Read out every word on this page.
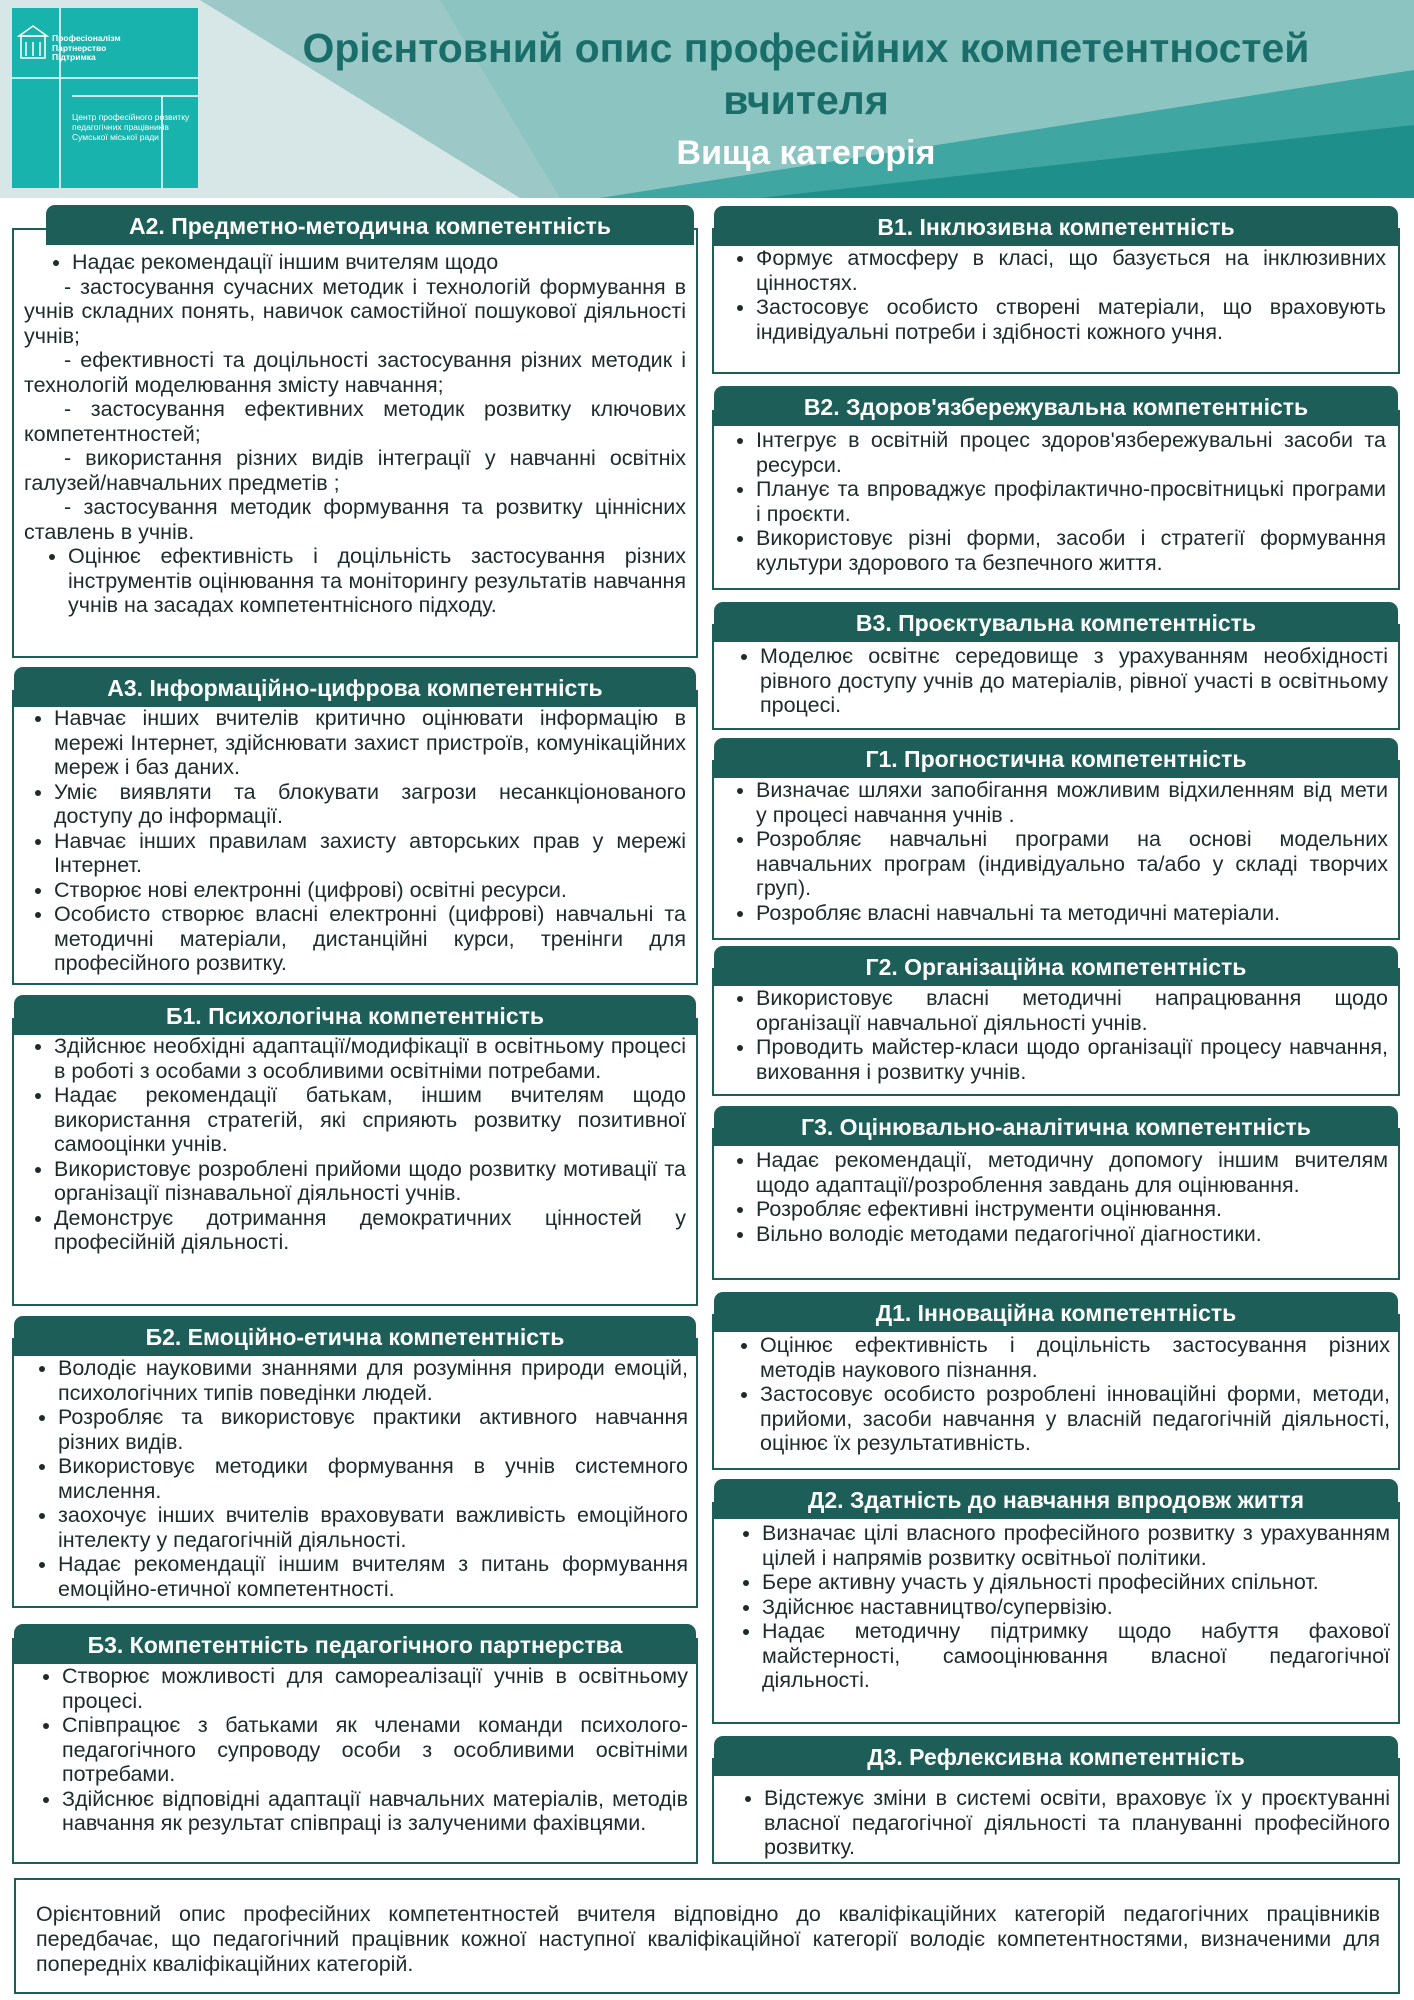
Професіоналізм
Партнерство
Підтримка
Центр професійного розвитку
педагогічних працівників
Сумської міської ради
Орієнтовний опис професійних компетентностей вчителя
Вища категорія
А2. Предметно-методична компетентність
• Надає рекомендації іншим вчителям щодо

- застосування сучасних методик і технологій формування в учнів складних понять, навичок самостійної пошукової діяльності учнів;

- ефективності та доцільності застосування різних методик і технологій моделювання змісту навчання;

- застосування ефективних методик розвитку ключових компетентностей;

- використання різних видів інтеграції у навчанні освітніх галузей/навчальних предметів ;

- застосування методик формування та розвитку ціннісних ставлень в учнів.

• Оцінює ефективність і доцільність застосування різних інструментів оцінювання та моніторингу результатів навчання учнів на засадах компетентнісного підходу.
А3. Інформаційно-цифрова компетентність
• Навчає інших вчителів критично оцінювати інформацію в мережі Інтернет, здійснювати захист пристроїв, комунікаційних мереж і баз даних.
• Уміє виявляти та блокувати загрози несанкціонованого доступу до інформації.
• Навчає інших правилам захисту авторських прав у мережі Інтернет.
• Створює нові електронні (цифрові) освітні ресурси.
• Особисто створює власні електронні (цифрові) навчальні та методичні матеріали, дистанційні курси, тренінги для професійного розвитку.
Б1. Психологічна компетентність
• Здійснює необхідні адаптації/модифікації в освітньому процесі в роботі з особами з особливими освітніми потребами.
• Надає рекомендації батькам, іншим вчителям щодо використання стратегій, які сприяють розвитку позитивної самооцінки учнів.
• Використовує розроблені прийоми щодо розвитку мотивації та організації пізнавальної діяльності учнів.
• Демонструє дотримання демократичних цінностей у професійній діяльності.
Б2. Емоційно-етична компетентність
• Володіє науковими знаннями для розуміння природи емоцій, психологічних типів поведінки людей.
• Розробляє та використовує практики активного навчання різних видів.
• Використовує методики формування в учнів системного мислення.
• заохочує інших вчителів враховувати важливість емоційного інтелекту у педагогічній діяльності.
• Надає рекомендації іншим вчителям з питань формування емоційно-етичної компетентності.
Б3. Компетентність педагогічного партнерства
• Створює можливості для самореалізації учнів в освітньому процесі.
• Співпрацює з батьками як членами команди психолого-педагогічного супроводу особи з особливими освітніми потребами.
• Здійснює відповідні адаптації навчальних матеріалів, методів навчання як результат співпраці із залученими фахівцями.
В1. Інклюзивна компетентність
• Формує атмосферу в класі, що базується на інклюзивних цінностях.
• Застосовує особисто створені матеріали, що враховують індивідуальні потреби і здібності кожного учня.
В2. Здоров'язбережувальна компетентність
• Інтегрує в освітній процес здоров'язбережувальні засоби та ресурси.
• Планує та впроваджує профілактично-просвітницькі програми і проєкти.
• Використовує різні форми, засоби і стратегії формування культури здорового та безпечного життя.
В3. Проєктувальна компетентність
• Моделює освітнє середовище з урахуванням необхідності рівного доступу учнів до матеріалів, рівної участі в освітньому процесі.
Г1. Прогностична компетентність
• Визначає шляхи запобігання можливим відхиленням від мети у процесі навчання учнів .
• Розробляє навчальні програми на основі модельних навчальних програм (індивідуально та/або у складі творчих груп).
• Розробляє власні навчальні та методичні матеріали.
Г2. Організаційна компетентність
• Використовує власні методичні напрацювання щодо організації навчальної діяльності учнів.
• Проводить майстер-класи щодо організації процесу навчання, виховання і розвитку учнів.
Г3. Оцінювально-аналітична компетентність
• Надає рекомендації, методичну допомогу іншим вчителям щодо адаптації/розроблення завдань для оцінювання.
• Розробляє ефективні інструменти оцінювання.
• Вільно володіє методами педагогічної діагностики.
Д1. Інноваційна компетентність
• Оцінює ефективність і доцільність застосування різних методів наукового пізнання.
• Застосовує особисто розроблені інноваційні форми, методи, прийоми, засоби навчання у власній педагогічній діяльності, оцінює їх результативність.
Д2. Здатність до навчання впродовж життя
• Визначає цілі власного професійного розвитку з урахуванням цілей і напрямів розвитку освітньої політики.
• Бере активну участь у діяльності професійних спільнот.
• Здійснює наставництво/супервізію.
• Надає методичну підтримку щодо набуття фахової майстерності, самооцінювання власної педагогічної діяльності.
Д3. Рефлексивна компетентність
• Відстежує зміни в системі освіти, враховує їх у проєктуванні власної педагогічної діяльності та плануванні професійного розвитку.

Орієнтовний опис професійних компетентностей вчителя відповідно до кваліфікаційних категорій педагогічних працівників передбачає, що педагогічний працівник кожної наступної кваліфікаційної категорії володіє компетентностями, визначеними для попередніх кваліфікаційних категорій.
